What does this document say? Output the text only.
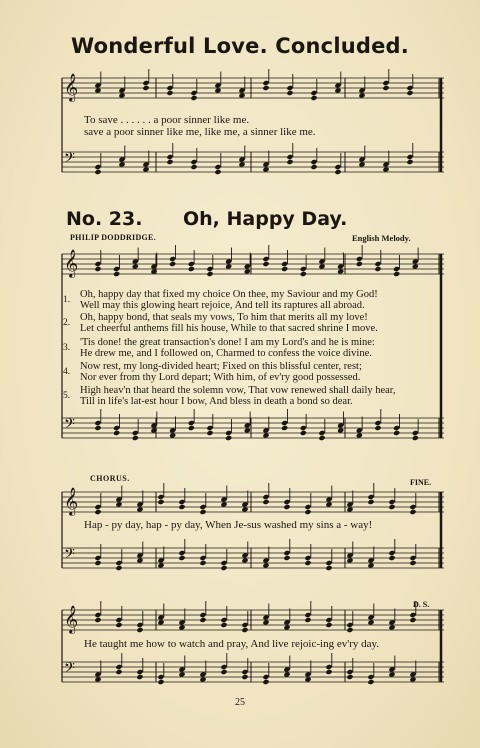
Wonderful Love. Concluded.
𝄞
𝄢
To save . . . . . . a poor sinner like me.
save a poor sinner like me, like me, a sinner like me.
No. 23. Oh, Happy Day.
PHILIP DODDRIDGE.	English Melody.
𝄞
𝄢
1. Oh, happy day that fixed my choice On thee, my Saviour and my God!
Well may this glowing heart rejoice, And tell its raptures all abroad.
2. Oh, happy bond, that seals my vows, To him that merits all my love!
Let cheerful anthems fill his house, While to that sacred shrine I move.
3. 'Tis done! the great transaction's done! I am my Lord's and he is mine:
He drew me, and I followed on, Charmed to confess the voice divine.
4. Now rest, my long-divided heart; Fixed on this blissful center, rest;
Nor ever from thy Lord depart; With him, of ev'ry good possessed.
5. High heav'n that heard the solemn vow, That vow renewed shall daily hear,
Till in life's lat-est hour I bow, And bless in death a bond so dear.
CHORUS.	FINE.
𝄞
𝄢
Hap - py day, hap - py day, When Je-sus washed my sins a - way!
D. S.
𝄞
𝄢
He taught me how to watch and pray, And live rejoic-ing ev'ry day.
25
